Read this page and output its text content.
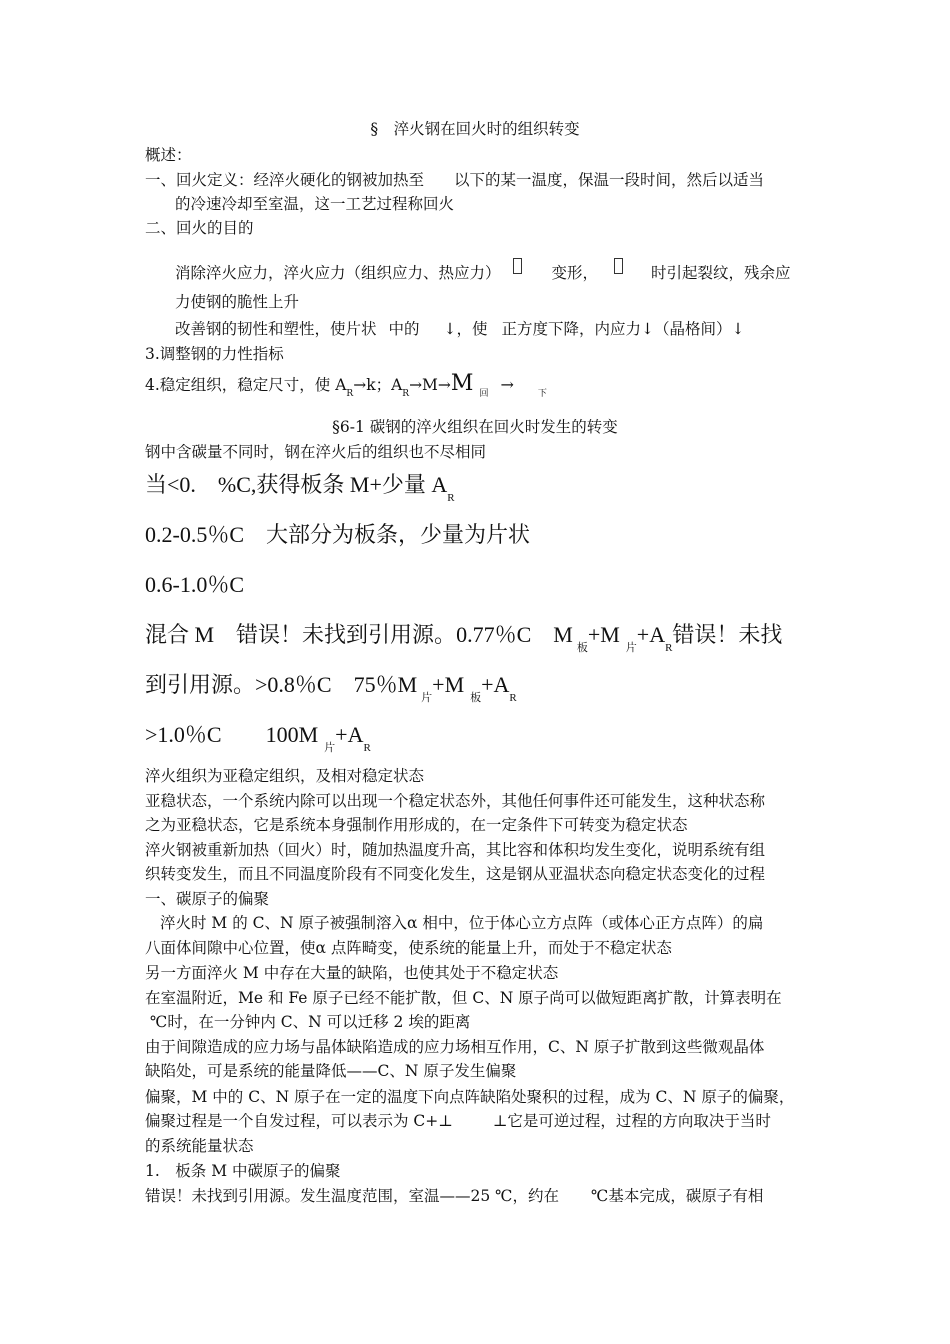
§　淬火钢在回火时的组织转变
概述：
一、回火定义：经淬火硬化的钢被加热至 以下的某一温度，保温一段时间，然后以适当
的冷速冷却至室温，这一工艺过程称回火
二、回火的目的
消除淬火应力，淬火应力（组织应力、热应力）	变形，	时引起裂纹，残余应
力使钢的脆性上升
改善钢的韧性和塑性，使片状 中的 ↓，使 正方度下降，内应力↓（晶格间）↓
3.调整钢的力性指标
4.稳定组织，稳定尺寸，使 $A_R\to k$；$A_R\to M\to M$ $_回$ →	$_下$
§6-1 碳钢的淬火组织在回火时发生的转变
钢中含碳量不同时，钢在淬火后的组织也不尽相同
当<0.　%C,获得板条 M+少量 $A_R$
0.2-0.5％C　大部分为板条，少量为片状
0.6-1.0％C
混合 M　错误！未找到引用源。0.77％C　$M_板+M_片+A_R$错误！未找
到引用源。>0.8％C　75％$M_片+M_板+A_R$
>1.0％C $100M_片+A_R$
淬火组织为亚稳定组织，及相对稳定状态
亚稳状态，一个系统内除可以出现一个稳定状态外，其他任何事件还可能发生，这种状态称
之为亚稳状态，它是系统本身强制作用形成的，在一定条件下可转变为稳定状态
淬火钢被重新加热（回火）时，随加热温度升高，其比容和体积均发生变化，说明系统有组
织转变发生，而且不同温度阶段有不同变化发生，这是钢从亚温状态向稳定状态变化的过程
一、碳原子的偏聚
淬火时 M 的 C、N 原子被强制溶入α 相中，位于体心立方点阵（或体心正方点阵）的扁
八面体间隙中心位置，使α 点阵畸变，使系统的能量上升，而处于不稳定状态
另一方面淬火 M 中存在大量的缺陷，也使其处于不稳定状态
在室温附近，Me 和 Fe 原子已经不能扩散，但 C、N 原子尚可以做短距离扩散，计算表明在
℃时，在一分钟内 C、N 可以迁移 2 埃的距离
由于间隙造成的应力场与晶体缺陷造成的应力场相互作用，C、N 原子扩散到这些微观晶体
缺陷处，可是系统的能量降低——C、N 原子发生偏聚
偏聚，M 中的 C、N 原子在一定的温度下向点阵缺陷处聚积的过程，成为 C、N 原子的偏聚，
偏聚过程是一个自发过程，可以表示为 C+⊥	⊥它是可逆过程，过程的方向取决于当时
的系统能量状态
1.　板条 M 中碳原子的偏聚
错误！未找到引用源。发生温度范围，室温——25 ℃，约在 ℃基本完成，碳原子有相
